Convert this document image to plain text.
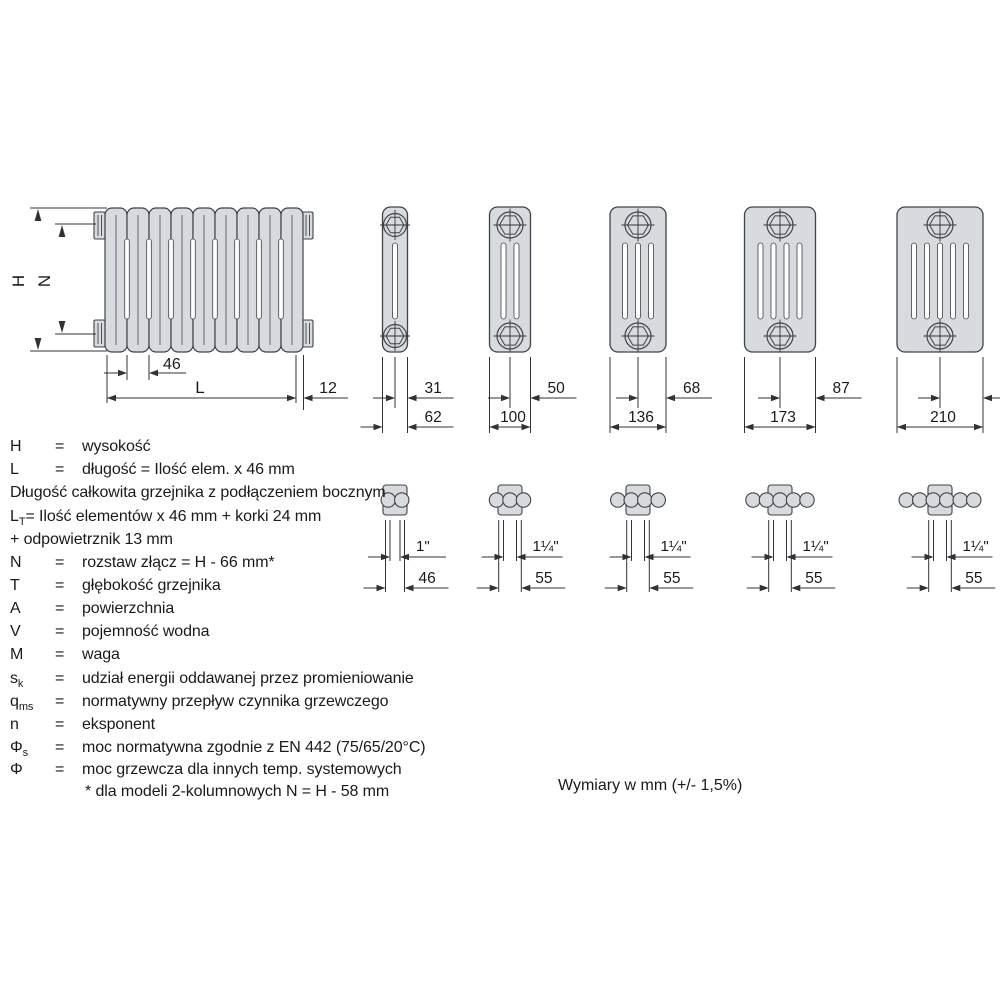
H N
46
L	12	31
62
1"
46
50
100
1¼"
55
68
136
1¼"
55
87
173
1¼"
55
210
1¼"
55
H	=	wysokość
L	=	długość = Ilość elem. x 46 mm
Długość całkowita grzejnika z podłączeniem bocznym
$L_T$ = Ilość elementów x 46 mm + korki 24 mm
+ odpowietrznik 13 mm
N	=	rozstaw złącz = H - 66 mm*
T	=	głębokość grzejnika
A	=	powierzchnia
V	=	pojemność wodna
M	=	waga
$s_k$	=	udział energii oddawanej przez promieniowanie
$q_{ms}$	=	normatywny przepływ czynnika grzewczego
n	=	eksponent
$\Phi_s$	=	moc normatywna zgodnie z EN 442 (75/65/20°C)
Φ	=	moc grzewcza dla innych temp. systemowych
* dla modeli 2-kolumnowych N = H - 58 mm	Wymiary w mm (+/- 1,5%)
